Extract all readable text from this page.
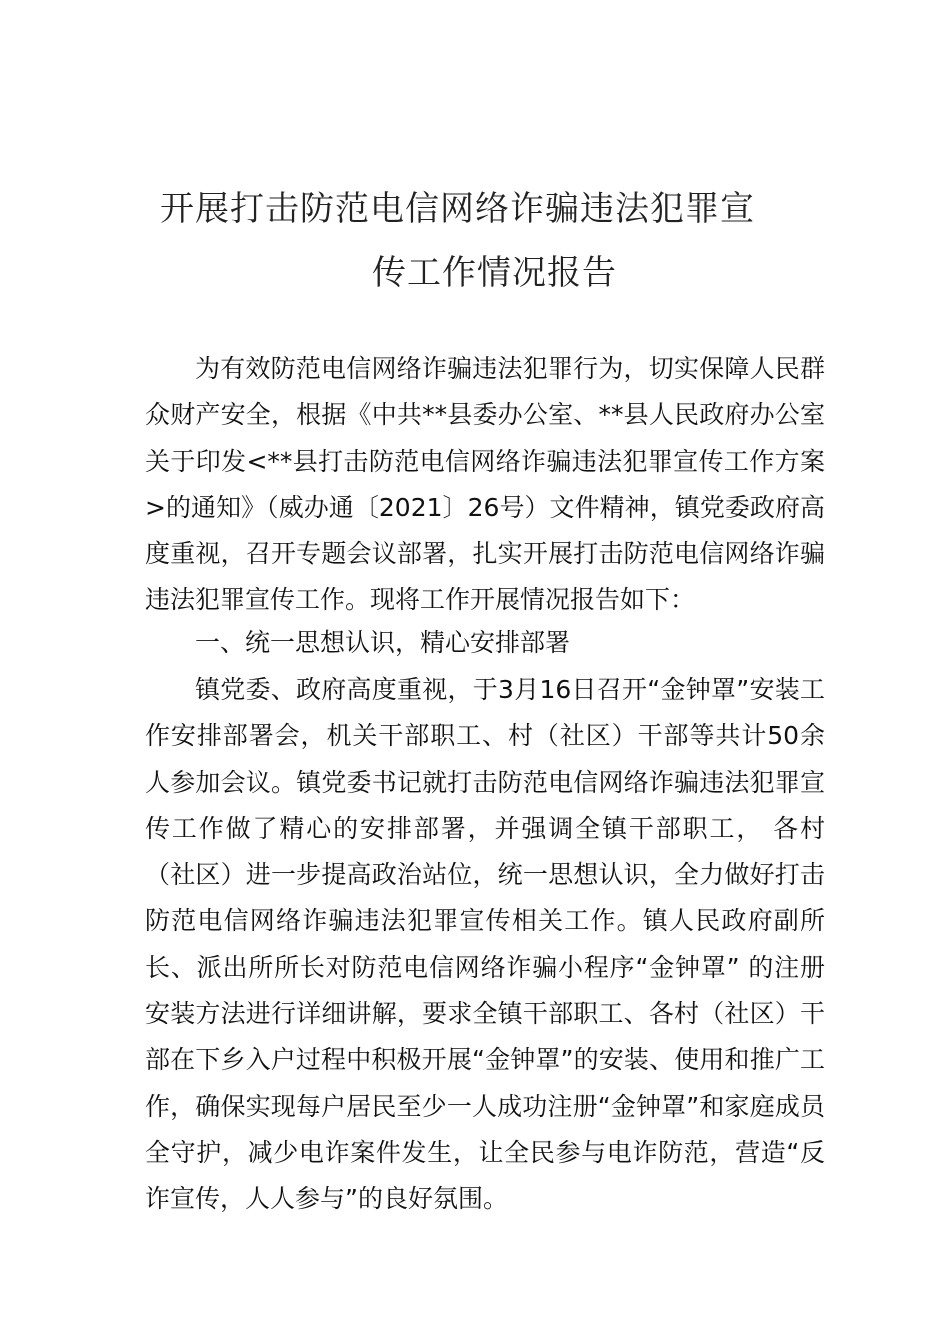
开展打击防范电信网络诈骗违法犯罪宣
传工作情况报告

为有效防范电信网络诈骗违法犯罪行为，切实保障人民群众财产安全，根据《中共**县委办公室、**县人民政府办公室关于印发<**县打击防范电信网络诈骗违法犯罪宣传工作方案>的通知》（威办通〔2021〕26号）文件精神，镇党委政府高度重视，召开专题会议部署，扎实开展打击防范电信网络诈骗违法犯罪宣传工作。现将工作开展情况报告如下：

一、统一思想认识，精心安排部署

镇党委、政府高度重视，于3月16日召开“金钟罩”安装工作安排部署会，机关干部职工、村（社区）干部等共计50余人参加会议。镇党委书记就打击防范电信网络诈骗违法犯罪宣传工作做了精心的安排部署，并强调全镇干部职工， 各村（社区）进一步提高政治站位，统一思想认识，全力做好打击防范电信网络诈骗违法犯罪宣传相关工作。镇人民政府副所长、派出所所长对防范电信网络诈骗小程序“金钟罩” 的注册安装方法进行详细讲解，要求全镇干部职工、各村（社区）干部在下乡入户过程中积极开展“金钟罩”的安装、使用和推广工作，确保实现每户居民至少一人成功注册“金钟罩”和家庭成员全守护，减少电诈案件发生，让全民参与电诈防范，营造“反诈宣传，人人参与”的良好氛围。
